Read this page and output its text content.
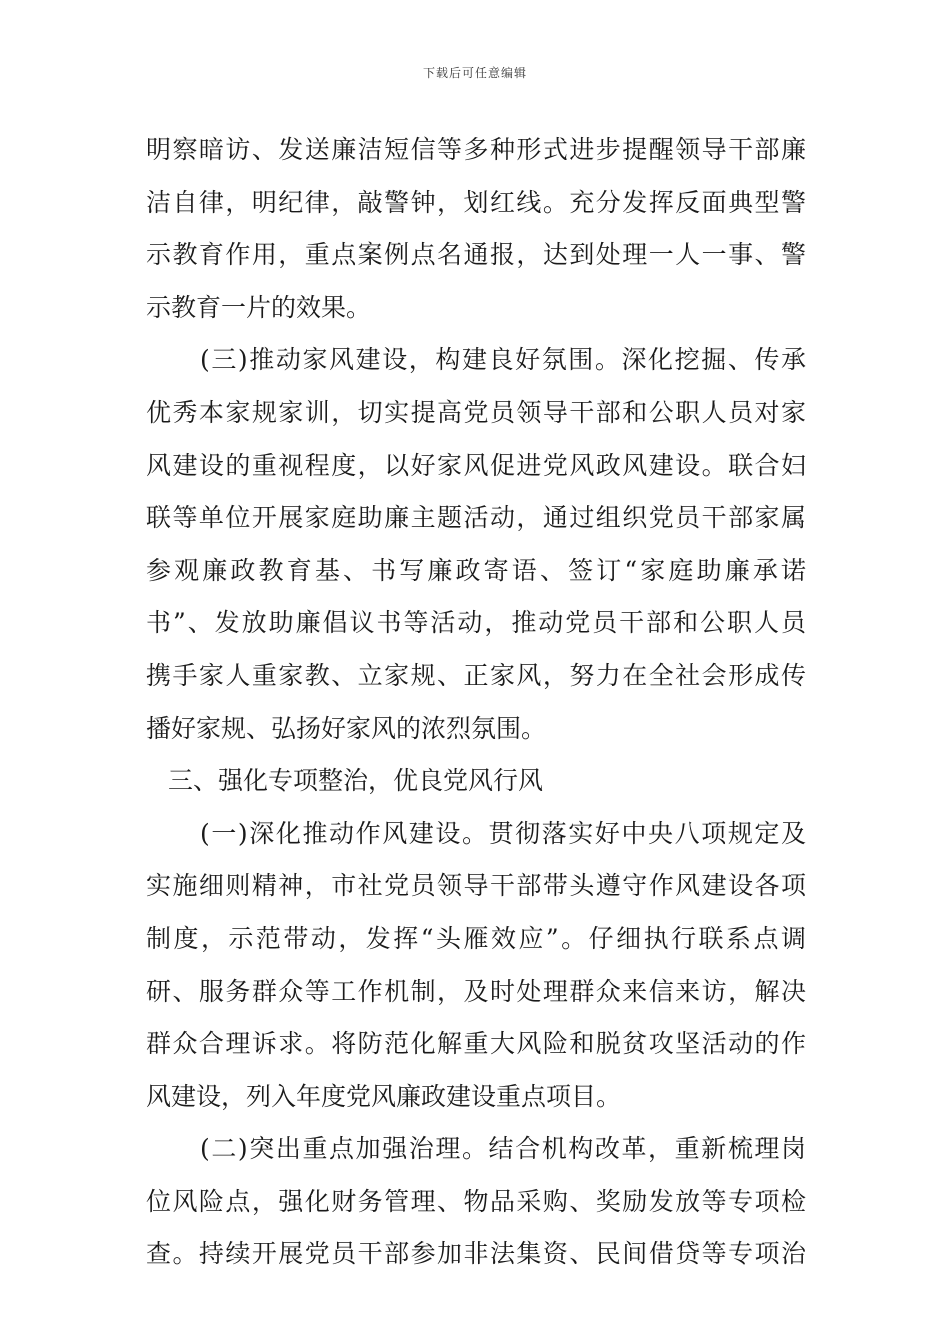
下载后可任意编辑
明察暗访、发送廉洁短信等多种形式进步提醒领导干部廉
洁自律，明纪律，敲警钟，划红线。充分发挥反面典型警
示教育作用，重点案例点名通报，达到处理一人一事、警
示教育一片的效果。
(三)推动家风建设，构建良好氛围。深化挖掘、传承
优秀本家规家训，切实提高党员领导干部和公职人员对家
风建设的重视程度，以好家风促进党风政风建设。联合妇
联等单位开展家庭助廉主题活动，通过组织党员干部家属
参观廉政教育基、书写廉政寄语、签订“家庭助廉承诺
书”、发放助廉倡议书等活动，推动党员干部和公职人员
携手家人重家教、立家规、正家风，努力在全社会形成传
播好家规、弘扬好家风的浓烈氛围。
三、强化专项整治，优良党风行风
(一)深化推动作风建设。贯彻落实好中央八项规定及
实施细则精神，市社党员领导干部带头遵守作风建设各项
制度，示范带动，发挥“头雁效应”。仔细执行联系点调
研、服务群众等工作机制，及时处理群众来信来访，解决
群众合理诉求。将防范化解重大风险和脱贫攻坚活动的作
风建设，列入年度党风廉政建设重点项目。
(二)突出重点加强治理。结合机构改革，重新梳理岗
位风险点，强化财务管理、物品采购、奖励发放等专项检
查。持续开展党员干部参加非法集资、民间借贷等专项治
